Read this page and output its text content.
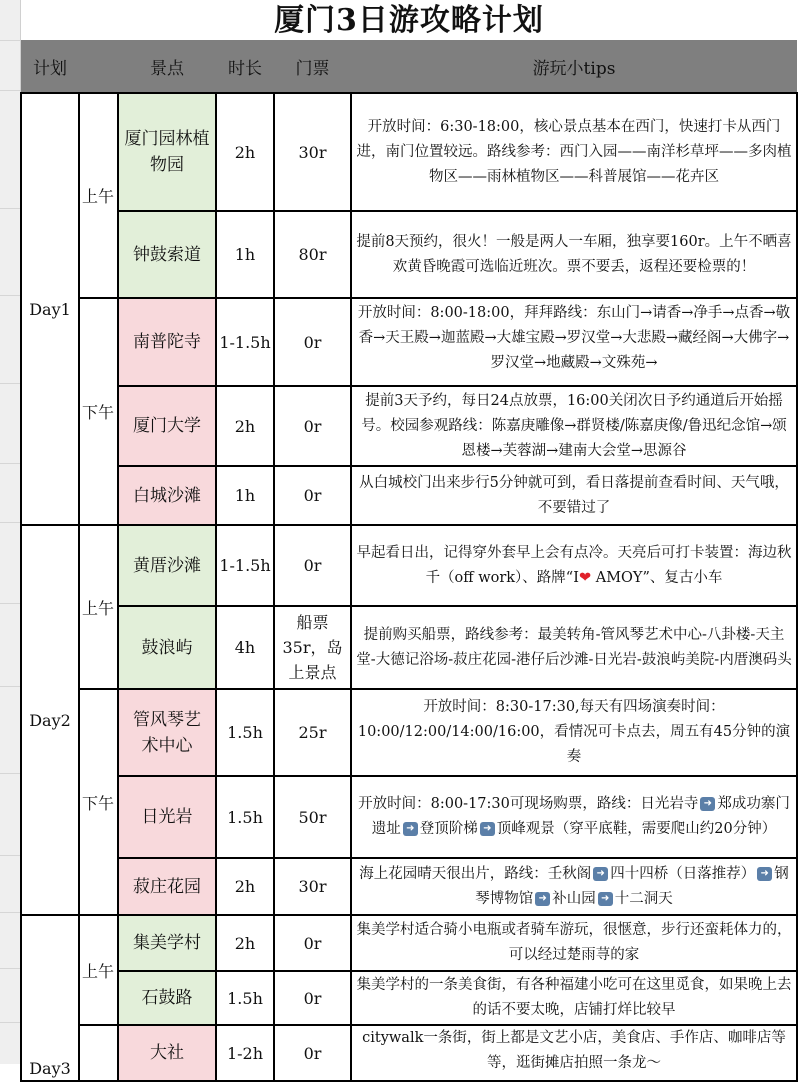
厦门3日游攻略计划
计划		景点	时长	门票	游玩小tips
Day1	上午	厦门园林植物园	2h	30r	开放时间：6:30-18:00，核心景点基本在西门，快速打卡从西门进，南门位置较远。路线参考：西门入园——南洋杉草坪——多肉植物区——雨林植物区——科普展馆——花卉区

		钟鼓索道	1h	80r	提前8天预约，很火！一般是两人一车厢，独享要160r。上午不晒喜欢黄昏晚霞可选临近班次。票不要丢，返程还要检票的！

	下午	南普陀寺	1-1.5h	0r	开放时间：8:00-18:00，拜拜路线：东山门→请香→净手→点香→敬香→天王殿→迦蓝殿→大雄宝殿→罗汉堂→大悲殿→藏经阁→大佛字→罗汉堂→地藏殿→文殊苑→

		厦门大学	2h	0r	提前3天予约，每日24点放票，16:00关闭次日予约通道后开始摇号。校园参观路线：陈嘉庚雕像→群贤楼/陈嘉庚像/鲁迅纪念馆→颂恩楼→芙蓉湖→建南大会堂→思源谷

		白城沙滩	1h	0r	从白城校门出来步行5分钟就可到，看日落提前查看时间、天气哦，不要错过了

Day2	上午	黄厝沙滩	1-1.5h	0r	早起看日出，记得穿外套早上会有点冷。天亮后可打卡装置：海边秋千（off work）、路牌“I❤ AMOY”、复古小车

		鼓浪屿	4h	船票35r，岛上景点	提前购买船票，路线参考：最美转角-管风琴艺术中心-八卦楼-天主堂-大德记浴场-菽庄花园-港仔后沙滩-日光岩-鼓浪屿美院-内厝澳码头

	下午	管风琴艺术中心	1.5h	25r	开放时间：8:30-17:30,每天有四场演奏时间：10:00/12:00/14:00/16:00，看情况可卡点去，周五有45分钟的演奏

		日光岩	1.5h	50r	开放时间：8:00-17:30可现场购票，路线：日光岩寺 ➜ 郑成功寨门遗址 ➜ 登顶阶梯 ➜ 顶峰观景（穿平底鞋，需要爬山约20分钟）

		菽庄花园	2h	30r	海上花园晴天很出片，路线：壬秋阁 ➜ 四十四桥（日落推荐） ➜ 钢琴博物馆 ➜ 补山园 ➜ 十二洞天

Day3	上午	集美学村	2h	0r	集美学村适合骑小电瓶或者骑车游玩，很惬意，步行还蛮耗体力的，可以经过楚雨荨的家

		石鼓路	1.5h	0r	集美学村的一条美食街，有各种福建小吃可在这里觅食，如果晚上去的话不要太晚，店铺打烊比较早

		大社	1-2h	0r	citywalk一条街，街上都是文艺小店，美食店、手作店、咖啡店等等，逛街摊店拍照一条龙～
